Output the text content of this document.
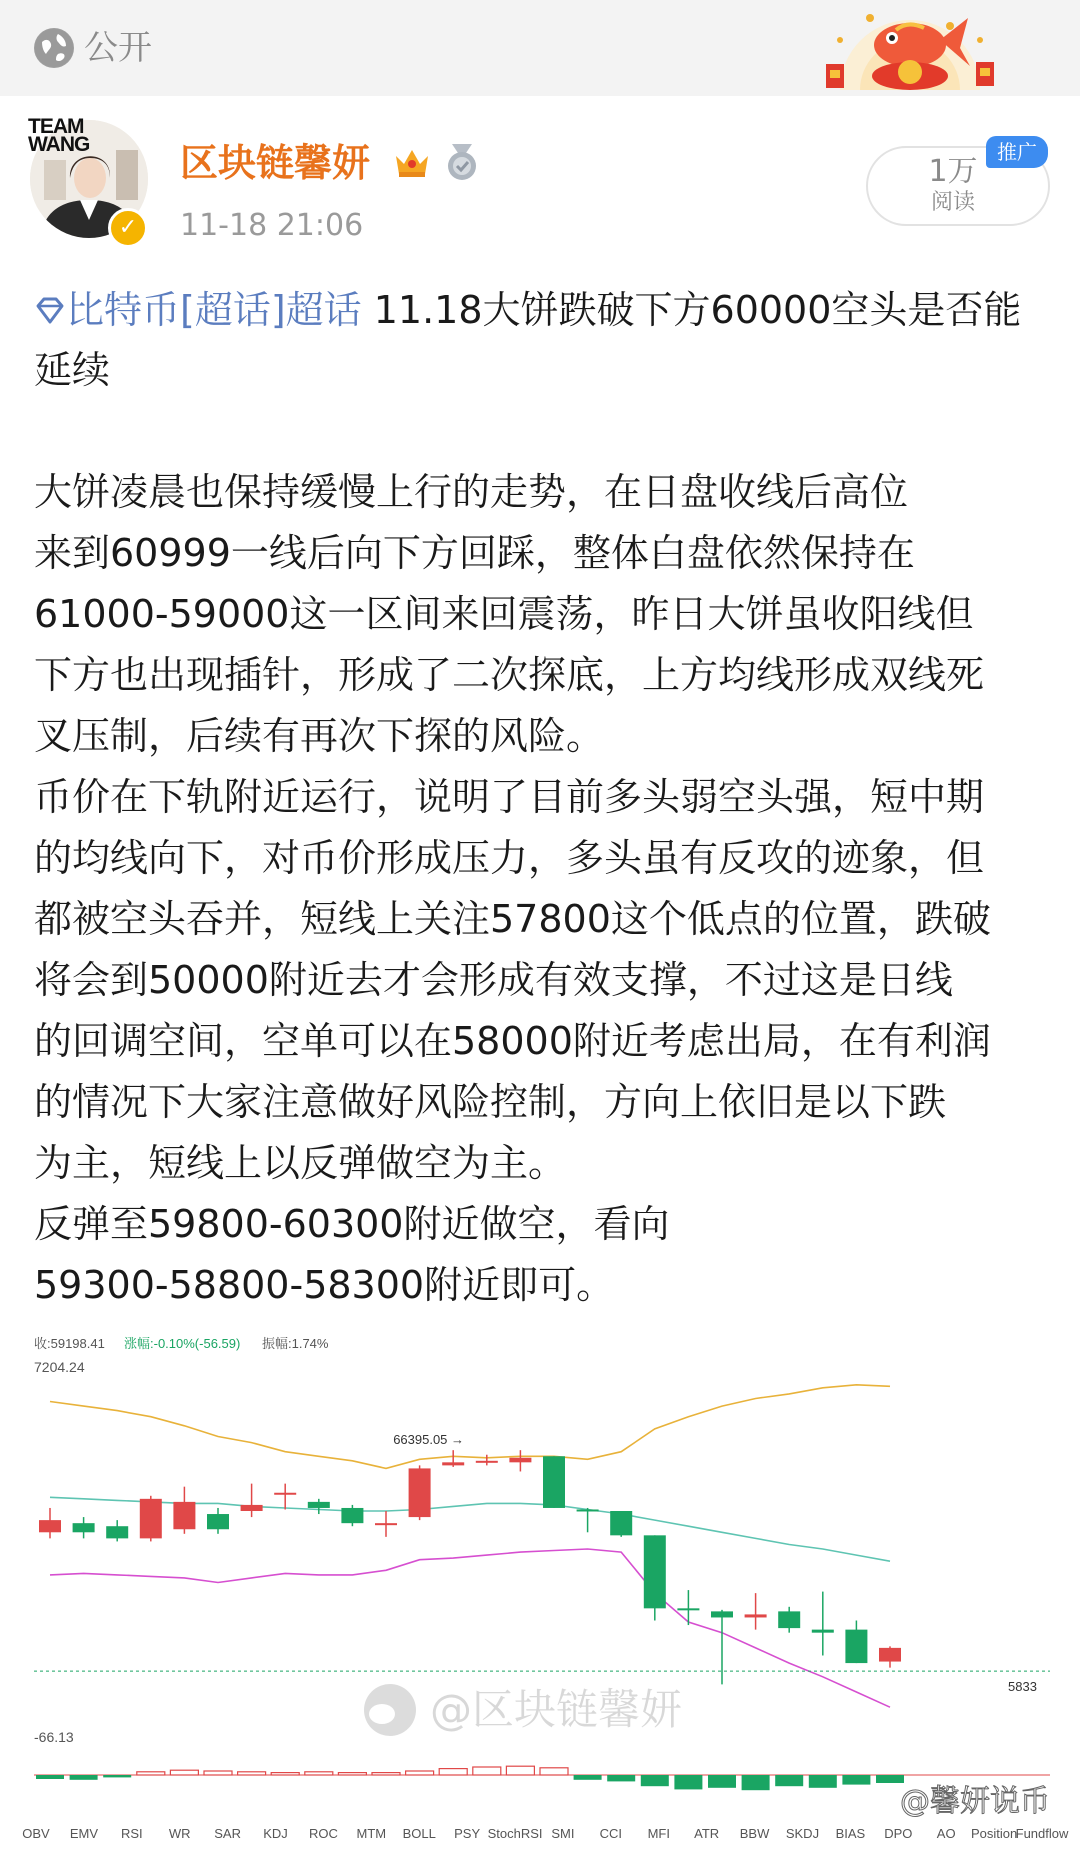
公开
TEAM
WANG
✓
区块链馨妍
11-18 21:06
1万
阅读
推广
比特币[超话]超话 11.18大饼跌破下方60000空头是否能延续

大饼凌晨也保持缓慢上行的走势，在日盘收线后高位
来到60999一线后向下方回踩，整体白盘依然保持在
61000-59000这一区间来回震荡，昨日大饼虽收阳线但
下方也出现插针，形成了二次探底，上方均线形成双线死
叉压制，后续有再次下探的风险。

币价在下轨附近运行，说明了目前多头弱空头强，短中期
的均线向下，对币价形成压力，多头虽有反攻的迹象，但
都被空头吞并，短线上关注57800这个低点的位置，跌破
将会到50000附近去才会形成有效支撑，不过这是日线
的回调空间，空单可以在58000附近考虑出局，在有利润
的情况下大家注意做好风险控制，方向上依旧是以下跌
为主，短线上以反弹做空为主。

反弹至59800-60300附近做空，看向
59300-58800-58300附近即可。

收:59198.41 涨幅:-0.10%(-56.59) 振幅:1.74%
7204.24
66395.05 →
5833
-66.13
@区块链馨妍
OBV EMV RSI WR SAR KDJ ROC MTM BOLL PSY StochRSI SMI CCI MFI ATR BBW SKDJ BIAS DPO AO Position
Fundflow
@馨妍说币
